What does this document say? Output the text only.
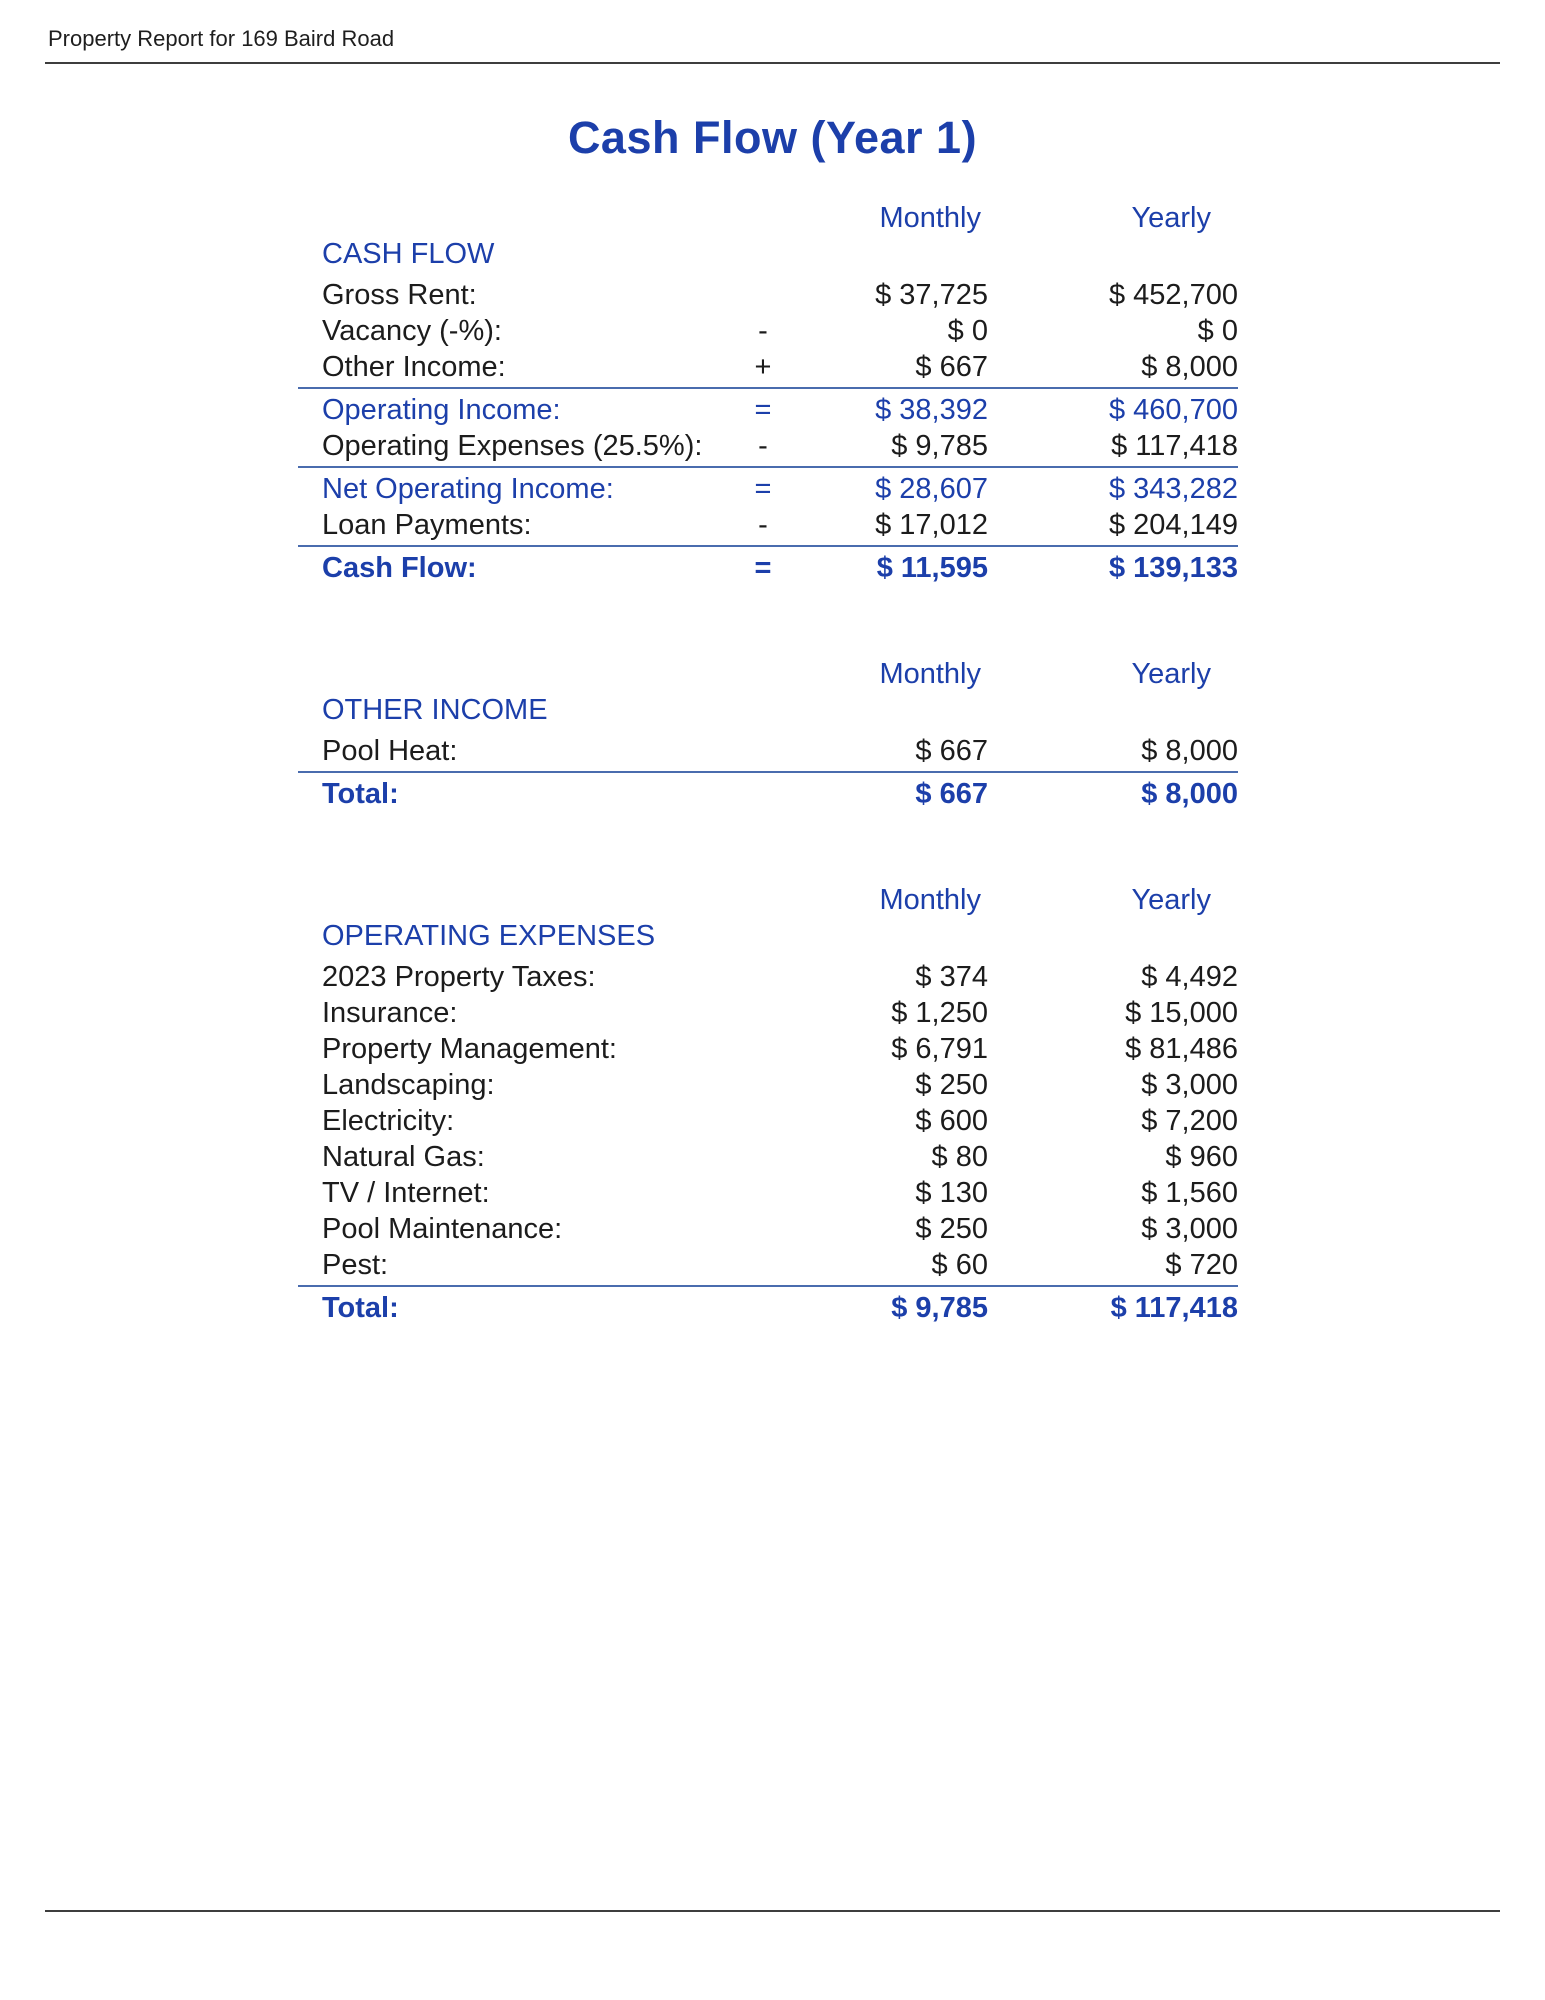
Property Report for 169 Baird Road
Cash Flow (Year 1)
Monthly	Yearly
CASH FLOW
Gross Rent:	$ 37,725	$ 452,700
Vacancy (-%):	-	$ 0	$ 0
Other Income:	+	$ 667	$ 8,000
Operating Income:	=	$ 38,392	$ 460,700
Operating Expenses (25.5%):	-	$ 9,785	$ 117,418
Net Operating Income:	=	$ 28,607	$ 343,282
Loan Payments:	-	$ 17,012	$ 204,149
Cash Flow:	=	$ 11,595	$ 139,133
Monthly	Yearly
OTHER INCOME
Pool Heat:	$ 667	$ 8,000
Total:	$ 667	$ 8,000
Monthly	Yearly
OPERATING EXPENSES
2023 Property Taxes:	$ 374	$ 4,492
Insurance:	$ 1,250	$ 15,000
Property Management:	$ 6,791	$ 81,486
Landscaping:	$ 250	$ 3,000
Electricity:	$ 600	$ 7,200
Natural Gas:	$ 80	$ 960
TV / Internet:	$ 130	$ 1,560
Pool Maintenance:	$ 250	$ 3,000
Pest:	$ 60	$ 720
Total:	$ 9,785	$ 117,418
